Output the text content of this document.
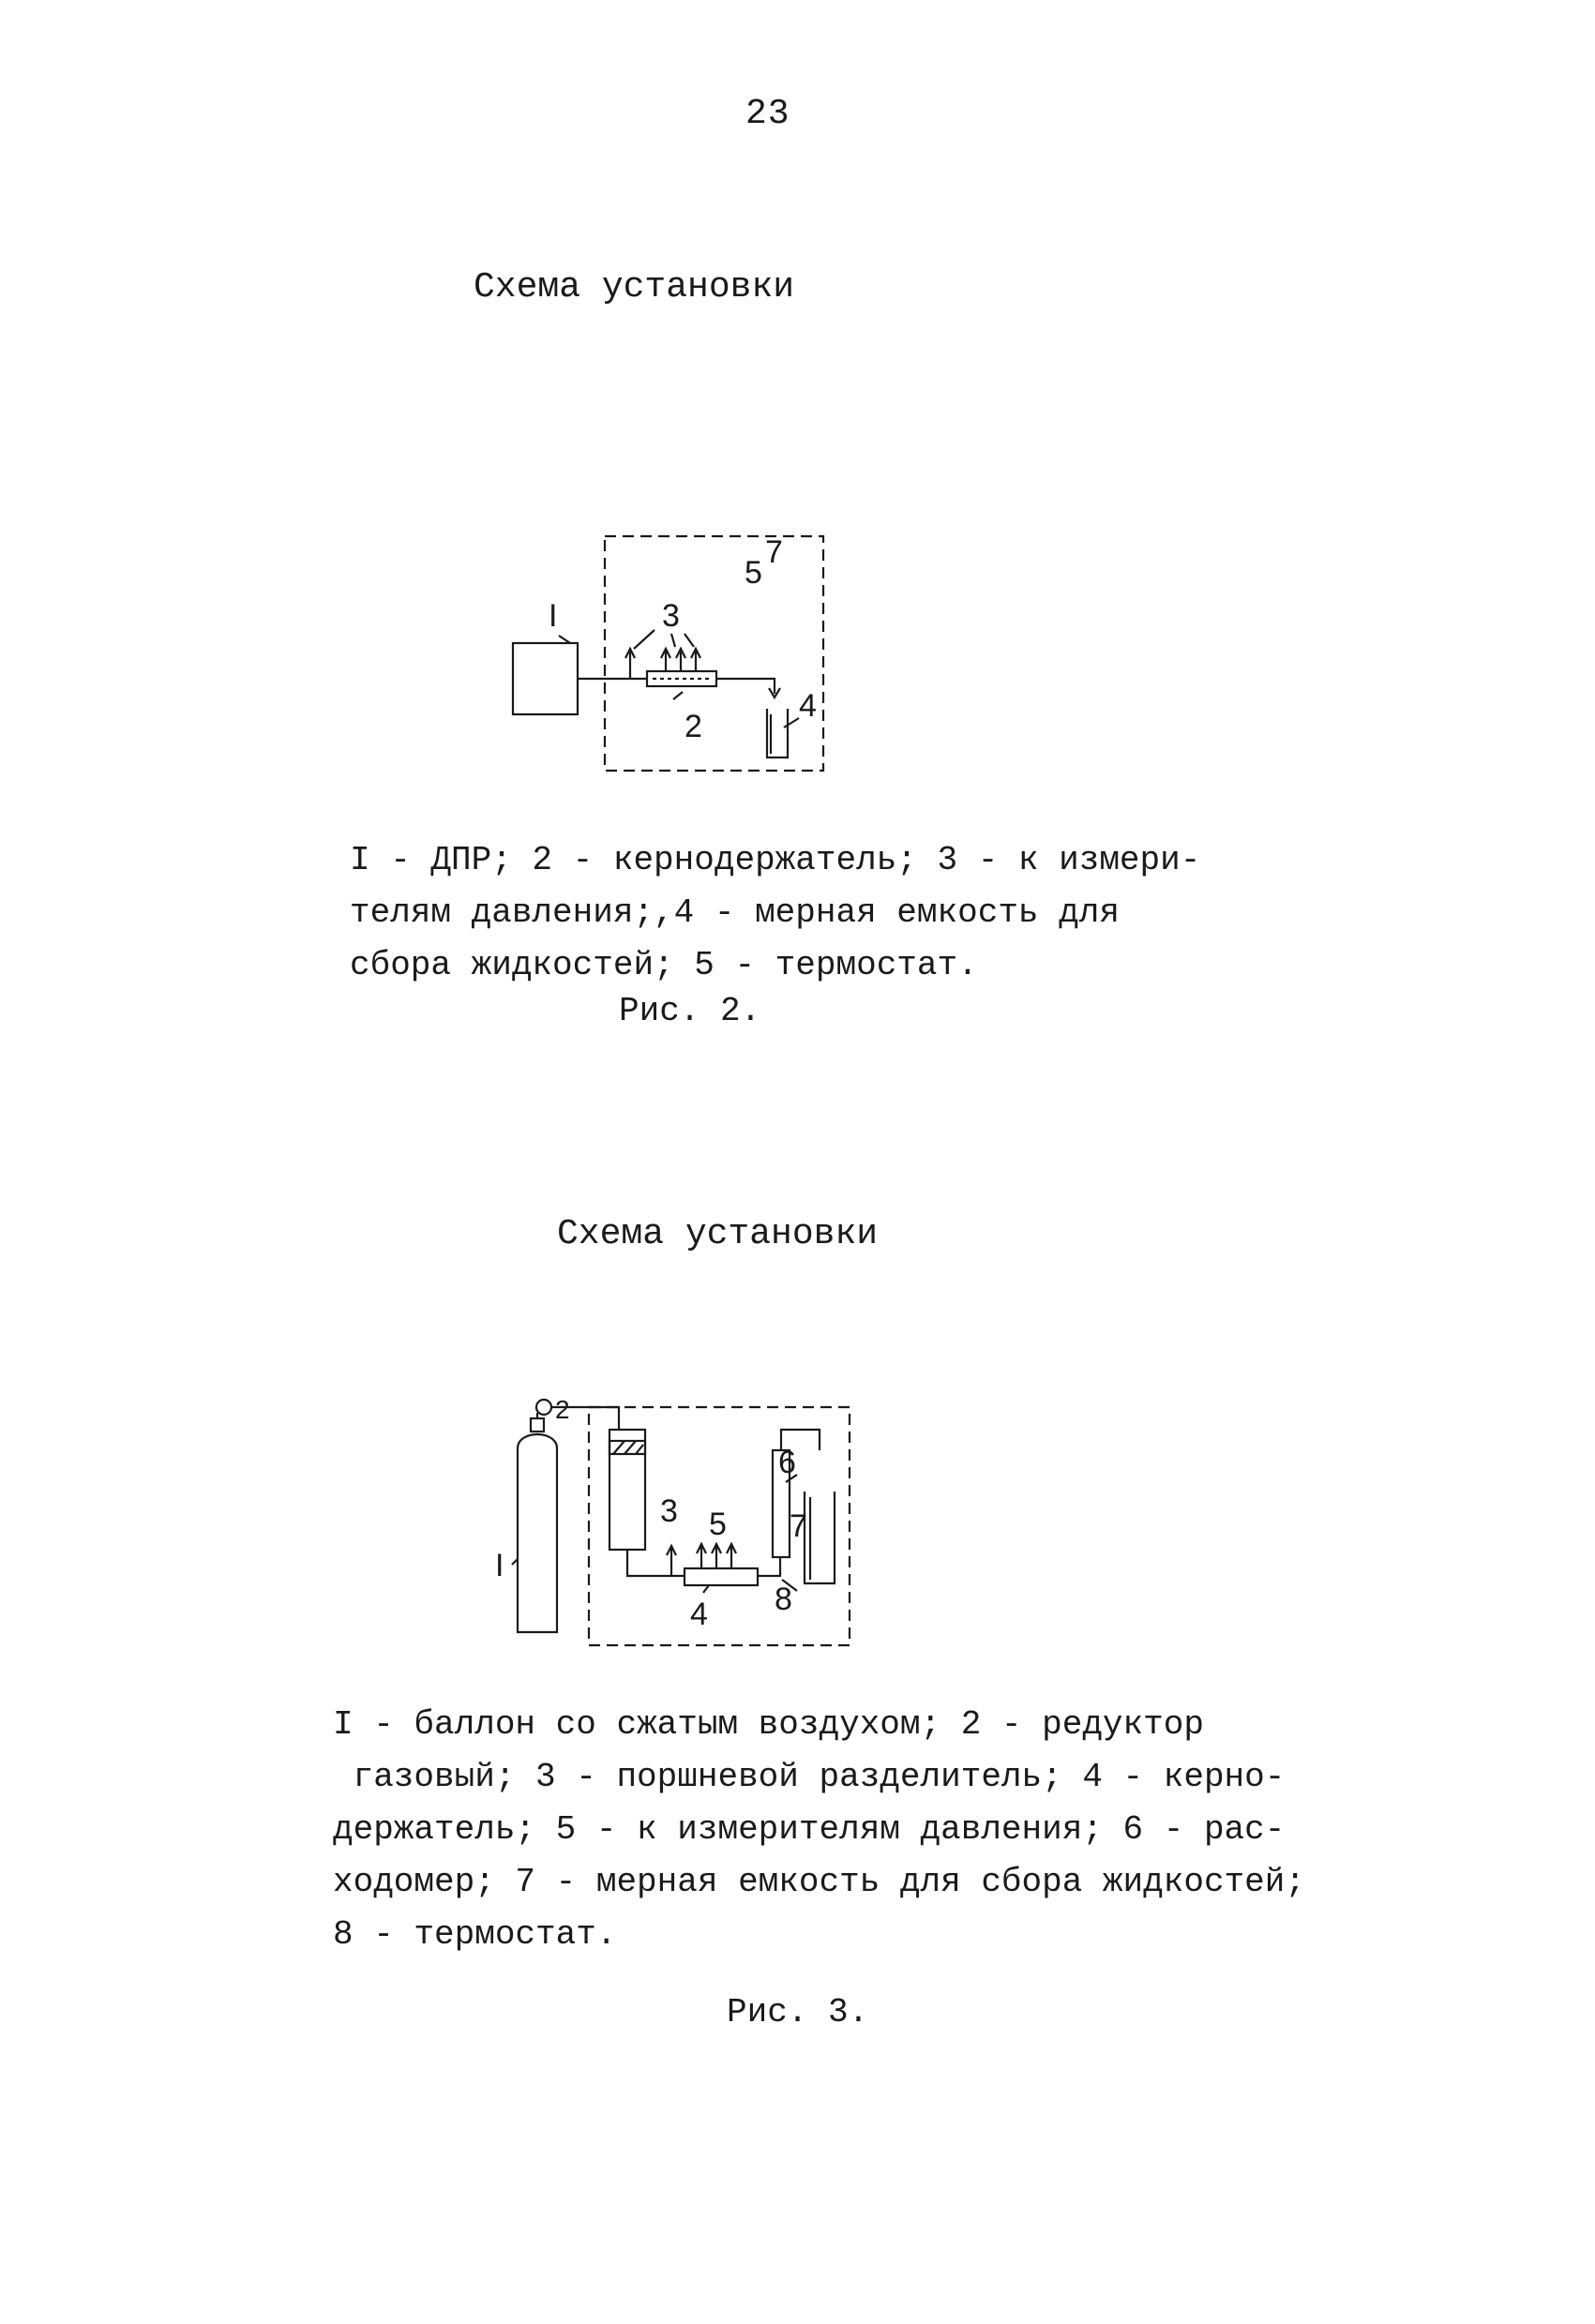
23
Схема установки
I	3
2
4
5
7
I - ДПР; 2 - кернодержатель; 3 - к измери-
телям давления;,4 - мерная емкость для
сбора жидкостей; 5 - термостат.
Рис. 2.
Схема установки
I
2
3 5
4
6
7
8
I - баллон со сжатым воздухом; 2 - редуктор
газовый; 3 - поршневой разделитель; 4 - керно-
держатель; 5 - к измерителям давления; 6 - рас-
ходомер; 7 - мерная емкость для сбора жидкостей;
8 - термостат.
Рис. 3.
